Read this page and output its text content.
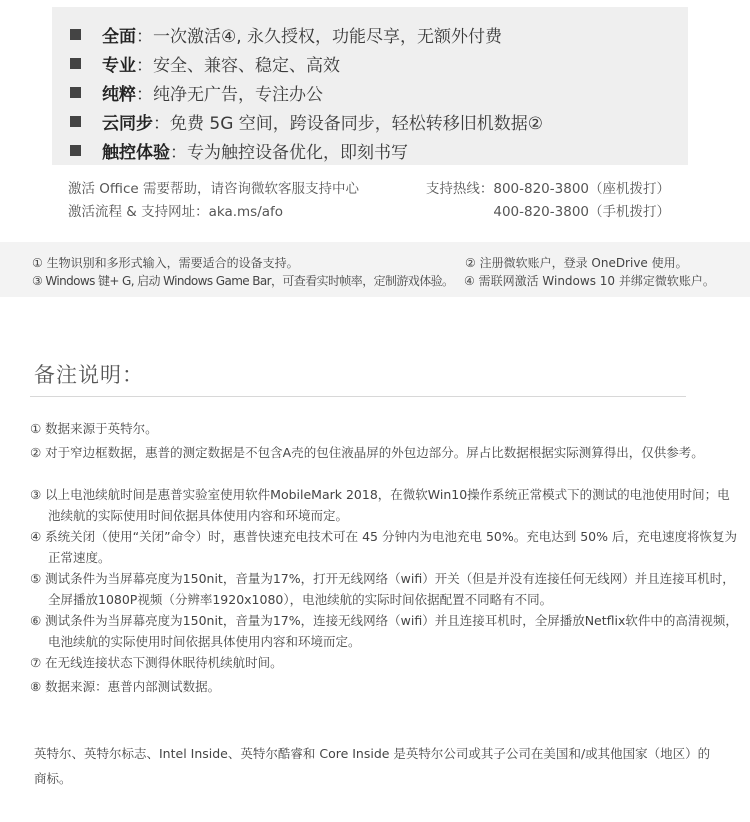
全面 ：一次激活④, 永久授权，功能尽享，无额外付费
专业 ：安全、兼容、稳定、高效
纯粹 ：纯净无广告，专注办公
云同步 ：免费 5G 空间，跨设备同步，轻松转移旧机数据②
触控体验 ：专为触控设备优化，即刻书写
激活 Office 需要帮助，请咨询微软客服支持中心
激活流程 & 支持网址：aka.ms/afo
支持热线：800-820-3800（座机拨打）
400-820-3800（手机拨打）
① 生物识别和多形式输入，需要适合的设备支持。	② 注册微软账户，登录 OneDrive 使用。
③ Windows 键+ G, 启动 Windows Game Bar，可查看实时帧率，定制游戏体验。 ④ 需联网激活 Windows 10 并绑定微软账户。
备注说明：
① 数据来源于英特尔。
② 对于窄边框数据，惠普的测定数据是不包含A壳的包住液晶屏的外包边部分。屏占比数据根据实际测算得出，仅供参考。
③ 以上电池续航时间是惠普实验室使用软件MobileMark 2018，在微软Win10操作系统正常模式下的测试的电池使用时间；电池续航的实际使用时间依据具体使用内容和环境而定。
④ 系统关闭（使用“关闭”命令）时，惠普快速充电技术可在 45 分钟内为电池充电 50%。充电达到 50% 后，充电速度将恢复为正常速度。
⑤ 测试条件为当屏幕亮度为150nit，音量为17%，打开无线网络（wifi）开关（但是并没有连接任何无线网）并且连接耳机时，全屏播放1080P视频（分辨率1920x1080），电池续航的实际时间依据配置不同略有不同。
⑥ 测试条件为当屏幕亮度为150nit，音量为17%，连接无线网络（wifi）并且连接耳机时，全屏播放Netflix软件中的高清视频，电池续航的实际使用时间依据具体使用内容和环境而定。
⑦ 在无线连接状态下测得休眠待机续航时间。
⑧ 数据来源：惠普内部测试数据。
英特尔、英特尔标志、Intel Inside、英特尔酷睿和 Core Inside 是英特尔公司或其子公司在美国和/或其他国家（地区）的商标。
